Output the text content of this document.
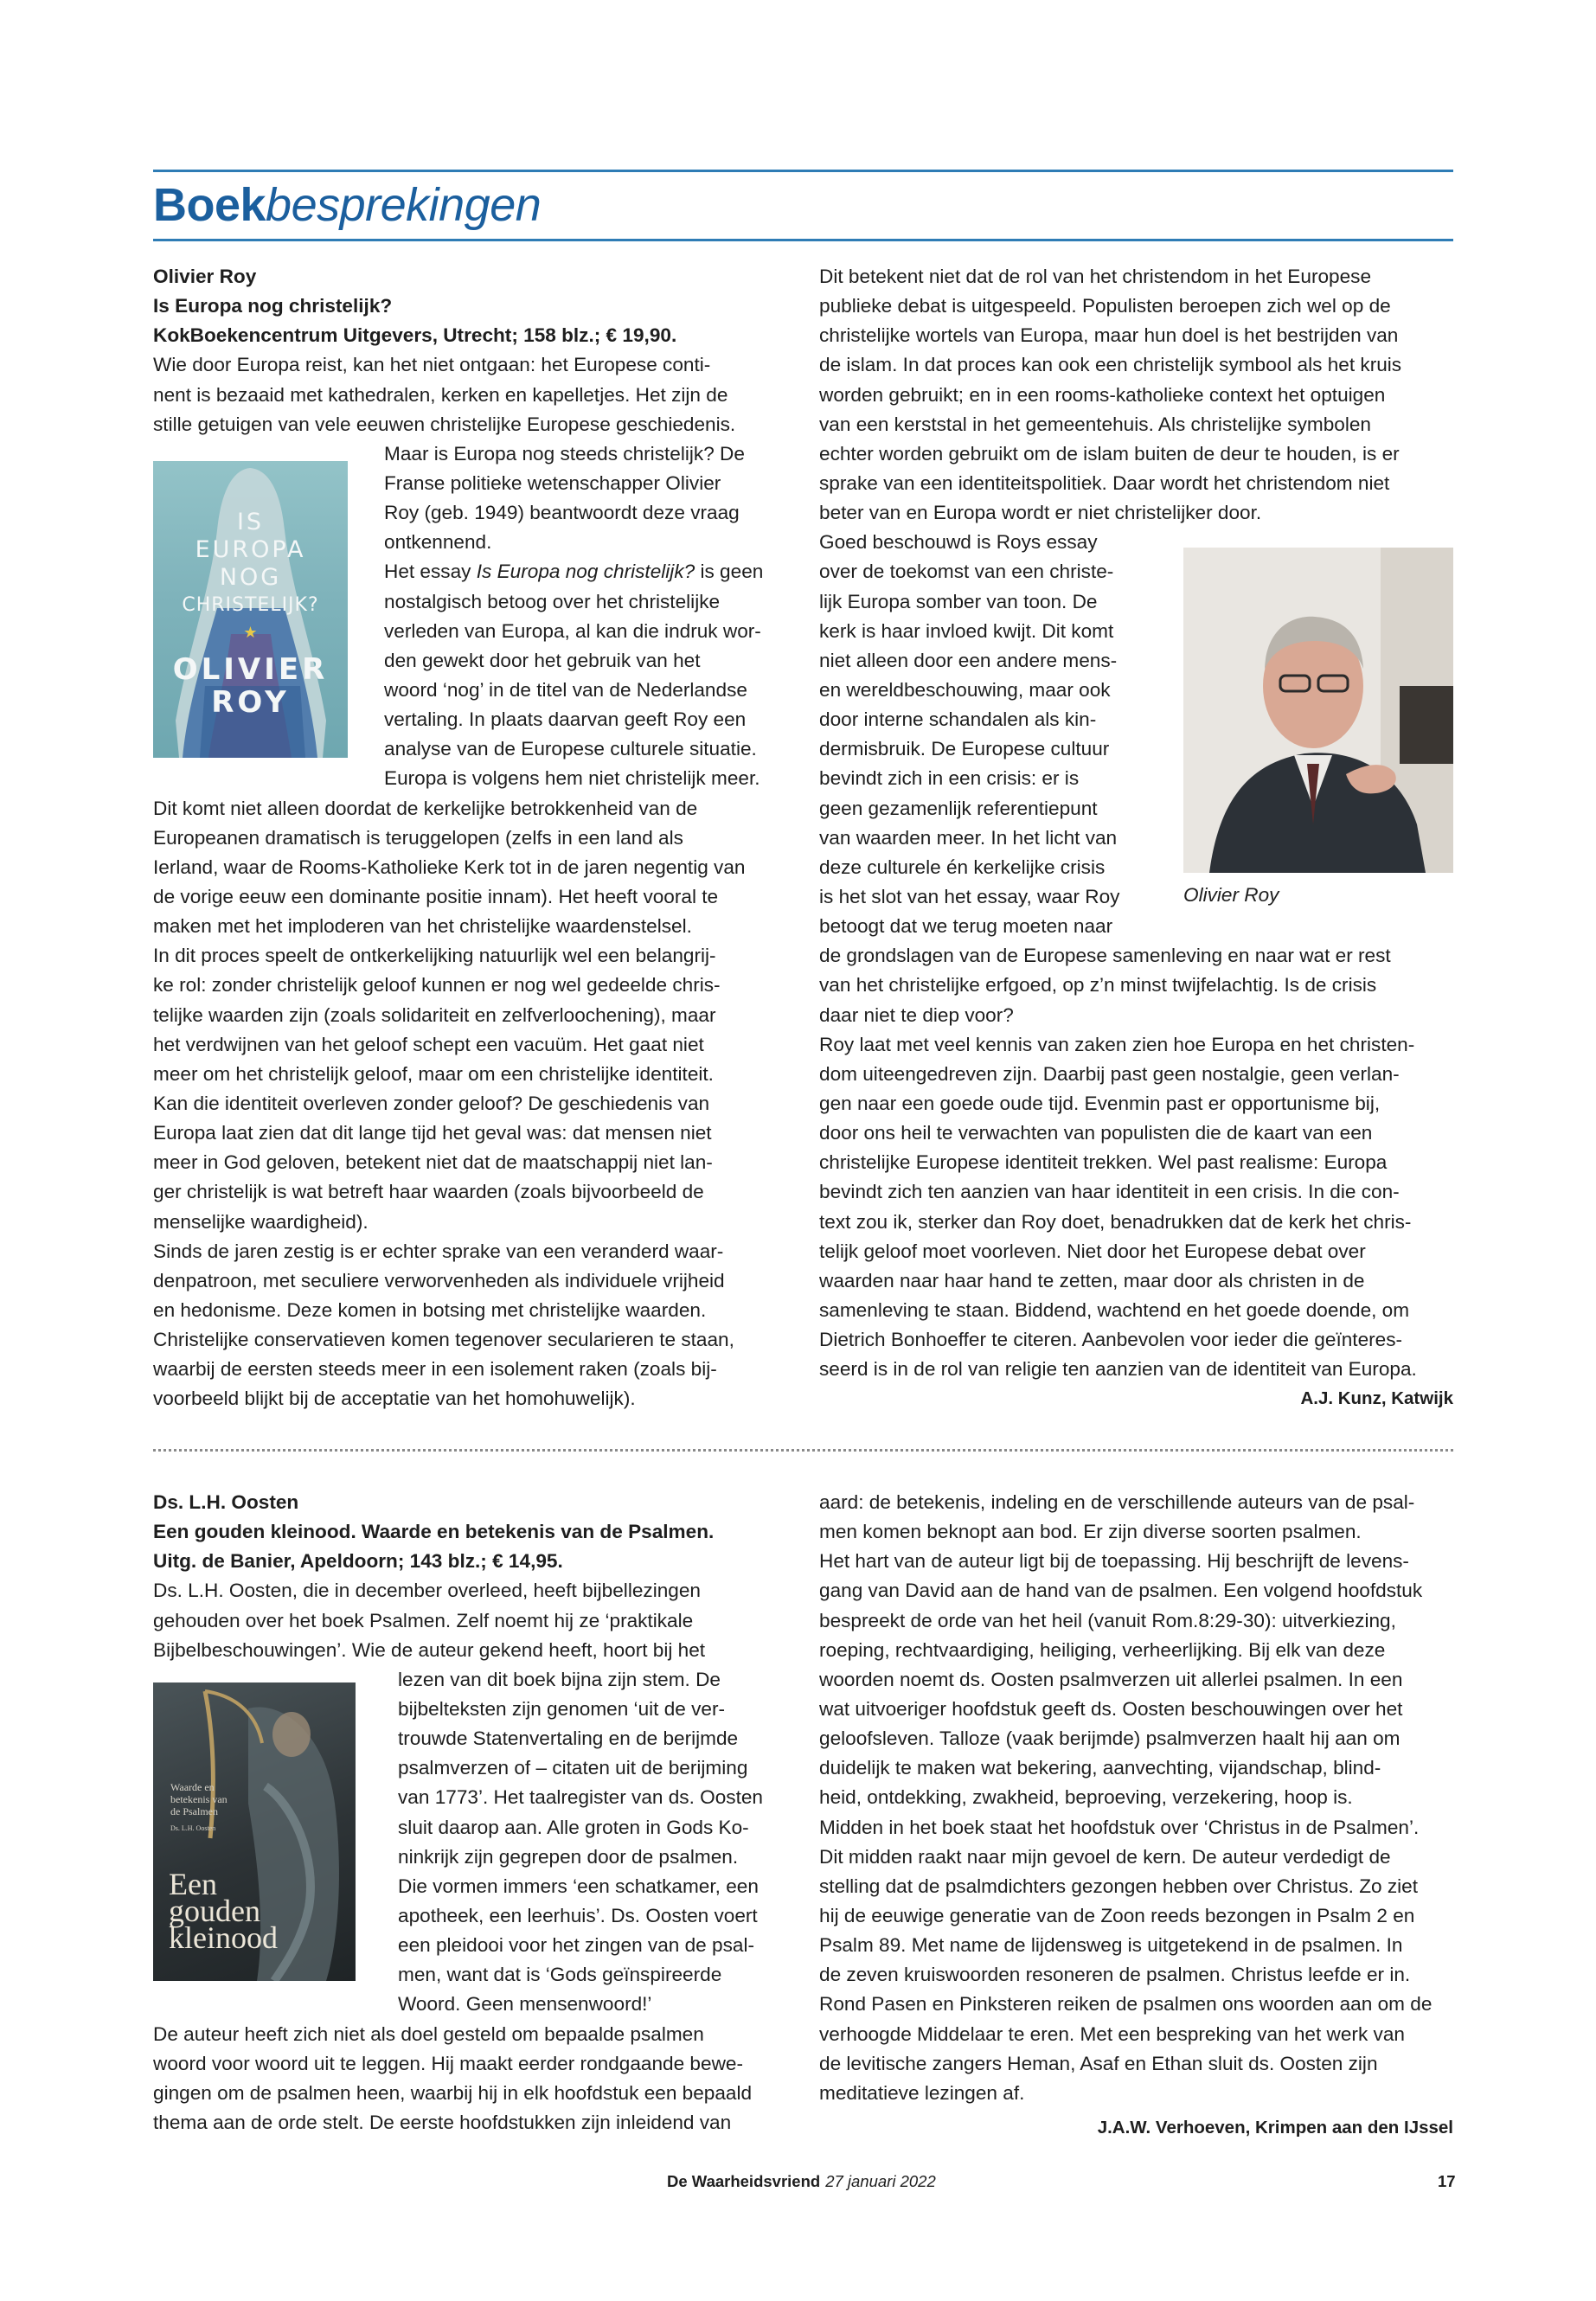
Boekbesprekingen
Olivier Roy
Is Europa nog christelijk?
KokBoekencentrum Uitgevers, Utrecht; 158 blz.; € 19,90.
Wie door Europa reist, kan het niet ontgaan: het Europese conti-
nent is bezaaid met kathedralen, kerken en kapelletjes. Het zijn de
stille getuigen van vele eeuwen christelijke Europese geschiedenis.
Maar is Europa nog steeds christelijk? De
Franse politieke wetenschapper Olivier
Roy (geb. 1949) beantwoordt deze vraag
ontkennend.
Het essay Is Europa nog christelijk? is geen
nostalgisch betoog over het christelijke
verleden van Europa, al kan die indruk wor-
den gewekt door het gebruik van het
woord ‘nog’ in de titel van de Nederlandse
vertaling. In plaats daarvan geeft Roy een
analyse van de Europese culturele situatie.
Europa is volgens hem niet christelijk meer.
Dit komt niet alleen doordat de kerkelijke betrokkenheid van de
Europeanen dramatisch is teruggelopen (zelfs in een land als
Ierland, waar de Rooms-Katholieke Kerk tot in de jaren negentig van
de vorige eeuw een dominante positie innam). Het heeft vooral te
maken met het imploderen van het christelijke waardenstelsel.
In dit proces speelt de ontkerkelijking natuurlijk wel een belangrij-
ke rol: zonder christelijk geloof kunnen er nog wel gedeelde chris-
telijke waarden zijn (zoals solidariteit en zelfverloochening), maar
het verdwijnen van het geloof schept een vacuüm. Het gaat niet
meer om het christelijk geloof, maar om een christelijke identiteit.
Kan die identiteit overleven zonder geloof? De geschiedenis van
Europa laat zien dat dit lange tijd het geval was: dat mensen niet
meer in God geloven, betekent niet dat de maatschappij niet lan-
ger christelijk is wat betreft haar waarden (zoals bijvoorbeeld de
menselijke waardigheid).
Sinds de jaren zestig is er echter sprake van een veranderd waar-
denpatroon, met seculiere verworvenheden als individuele vrijheid
en hedonisme. Deze komen in botsing met christelijke waarden.
Christelijke conservatieven komen tegenover secularieren te staan,
waarbij de eersten steeds meer in een isolement raken (zoals bij-
voorbeeld blijkt bij de acceptatie van het homohuwelijk).
IS
EUROPA
NOG
CHRISTELIJK?
★
OLIVIER
ROY
Dit betekent niet dat de rol van het christendom in het Europese
publieke debat is uitgespeeld. Populisten beroepen zich wel op de
christelijke wortels van Europa, maar hun doel is het bestrijden van
de islam. In dat proces kan ook een christelijk symbool als het kruis
worden gebruikt; en in een rooms-katholieke context het optuigen
van een kerststal in het gemeentehuis. Als christelijke symbolen
echter worden gebruikt om de islam buiten de deur te houden, is er
sprake van een identiteitspolitiek. Daar wordt het christendom niet
beter van en Europa wordt er niet christelijker door.
Goed beschouwd is Roys essay
over de toekomst van een christe-
lijk Europa somber van toon. De
kerk is haar invloed kwijt. Dit komt
niet alleen door een andere mens-
en wereldbeschouwing, maar ook
door interne schandalen als kin-
dermisbruik. De Europese cultuur
bevindt zich in een crisis: er is
geen gezamenlijk referentiepunt
van waarden meer. In het licht van
deze culturele én kerkelijke crisis
is het slot van het essay, waar Roy
betoogt dat we terug moeten naar
de grondslagen van de Europese samenleving en naar wat er rest
van het christelijke erfgoed, op z’n minst twijfelachtig. Is de crisis
daar niet te diep voor?
Roy laat met veel kennis van zaken zien hoe Europa en het christen-
dom uiteengedreven zijn. Daarbij past geen nostalgie, geen verlan-
gen naar een goede oude tijd. Evenmin past er opportunisme bij,
door ons heil te verwachten van populisten die de kaart van een
christelijke Europese identiteit trekken. Wel past realisme: Europa
bevindt zich ten aanzien van haar identiteit in een crisis. In die con-
text zou ik, sterker dan Roy doet, benadrukken dat de kerk het chris-
telijk geloof moet voorleven. Niet door het Europese debat over
waarden naar haar hand te zetten, maar door als christen in de
samenleving te staan. Biddend, wachtend en het goede doende, om
Dietrich Bonhoeffer te citeren. Aanbevolen voor ieder die geïnteres-
seerd is in de rol van religie ten aanzien van de identiteit van Europa.
A.J. Kunz, Katwijk
Olivier Roy
Ds. L.H. Oosten
Een gouden kleinood. Waarde en betekenis van de Psalmen.
Uitg. de Banier, Apeldoorn; 143 blz.; € 14,95.
Ds. L.H. Oosten, die in december overleed, heeft bijbellezingen
gehouden over het boek Psalmen. Zelf noemt hij ze ‘praktikale
Bijbelbeschouwingen’. Wie de auteur gekend heeft, hoort bij het
lezen van dit boek bijna zijn stem. De
bijbelteksten zijn genomen ‘uit de ver-
trouwde Statenvertaling en de berijmde
psalmverzen of – citaten uit de berijming
van 1773’. Het taalregister van ds. Oosten
sluit daarop aan. Alle groten in Gods Ko-
ninkrijk zijn gegrepen door de psalmen.
Die vormen immers ‘een schatkamer, een
apotheek, een leerhuis’. Ds. Oosten voert
een pleidooi voor het zingen van de psal-
men, want dat is ‘Gods geïnspireerde
Woord. Geen mensenwoord!’
De auteur heeft zich niet als doel gesteld om bepaalde psalmen
woord voor woord uit te leggen. Hij maakt eerder rondgaande bewe-
gingen om de psalmen heen, waarbij hij in elk hoofdstuk een bepaald
thema aan de orde stelt. De eerste hoofdstukken zijn inleidend van
Waarde en
betekenis van
de Psalmen
Ds. L.H. Oosten
Een
gouden
kleinood
aard: de betekenis, indeling en de verschillende auteurs van de psal-
men komen beknopt aan bod. Er zijn diverse soorten psalmen.
Het hart van de auteur ligt bij de toepassing. Hij beschrijft de levens-
gang van David aan de hand van de psalmen. Een volgend hoofdstuk
bespreekt de orde van het heil (vanuit Rom.8:29-30): uitverkiezing,
roeping, rechtvaardiging, heiliging, verheerlijking. Bij elk van deze
woorden noemt ds. Oosten psalmverzen uit allerlei psalmen. In een
wat uitvoeriger hoofdstuk geeft ds. Oosten beschouwingen over het
geloofsleven. Talloze (vaak berijmde) psalmverzen haalt hij aan om
duidelijk te maken wat bekering, aanvechting, vijandschap, blind-
heid, ontdekking, zwakheid, beproeving, verzekering, hoop is.
Midden in het boek staat het hoofdstuk over ‘Christus in de Psalmen’.
Dit midden raakt naar mijn gevoel de kern. De auteur verdedigt de
stelling dat de psalmdichters gezongen hebben over Christus. Zo ziet
hij de eeuwige generatie van de Zoon reeds bezongen in Psalm 2 en
Psalm 89. Met name de lijdensweg is uitgetekend in de psalmen. In
de zeven kruiswoorden resoneren de psalmen. Christus leefde er in.
Rond Pasen en Pinksteren reiken de psalmen ons woorden aan om de
verhoogde Middelaar te eren. Met een bespreking van het werk van
de levitische zangers Heman, Asaf en Ethan sluit ds. Oosten zijn
meditatieve lezingen af.
J.A.W. Verhoeven, Krimpen aan den IJssel
De Waarheidsvriend 27 januari 2022	17
